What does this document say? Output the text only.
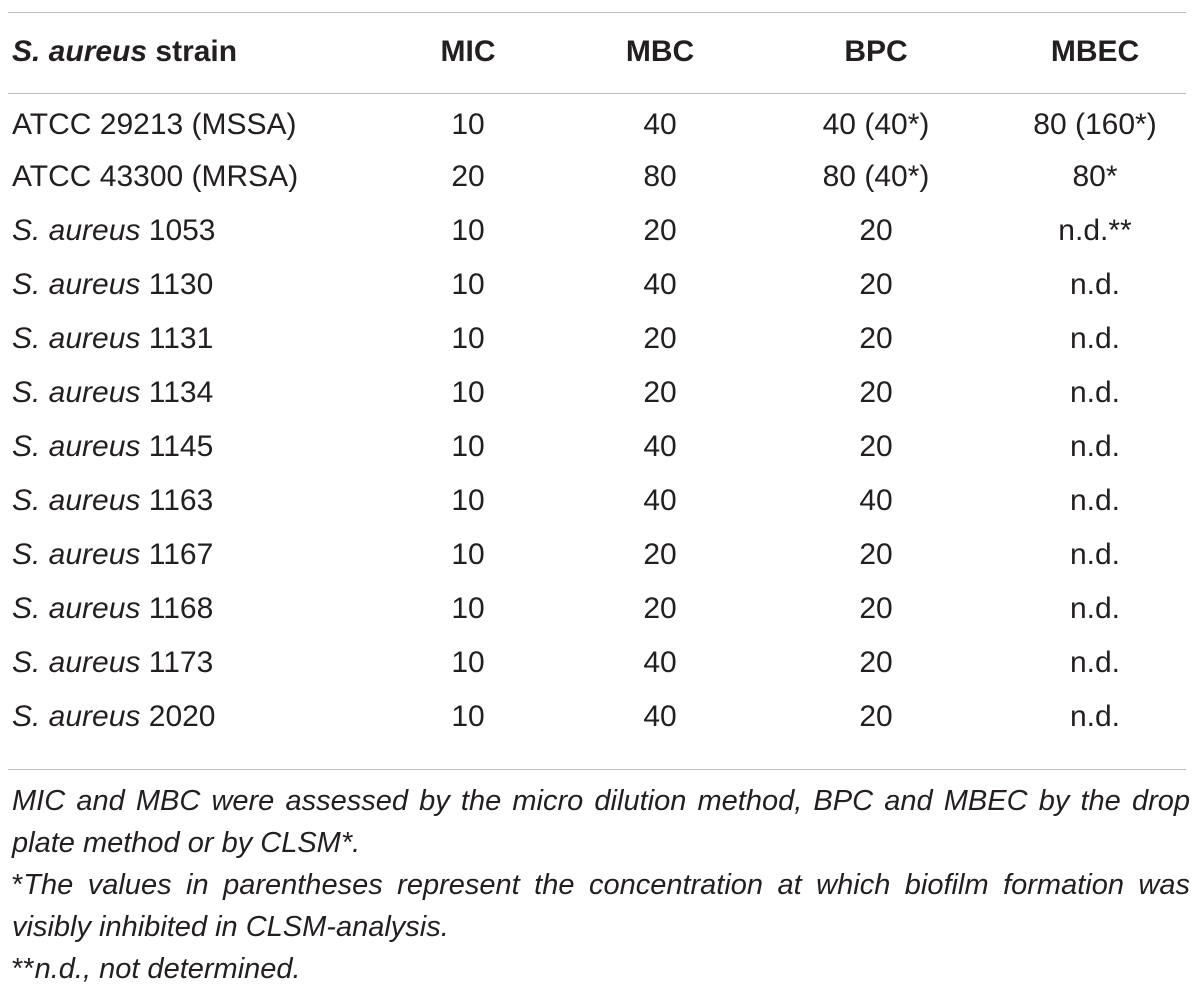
S. aureus strain	MIC	MBC	BPC	MBEC

ATCC 29213 (MSSA)	10	40	40 (40*)	80 (160*)
ATCC 43300 (MRSA)	20	80	80 (40*)	80*
S. aureus 1053	10	20	20	n.d.**
S. aureus 1130	10	40	20	n.d.
S. aureus 1131	10	20	20	n.d.
S. aureus 1134	10	20	20	n.d.
S. aureus 1145	10	40	20	n.d.
S. aureus 1163	10	40	40	n.d.
S. aureus 1167	10	20	20	n.d.
S. aureus 1168	10	20	20	n.d.
S. aureus 1173	10	40	20	n.d.
S. aureus 2020	10	40	20	n.d.

MIC and MBC were assessed by the micro dilution method, BPC and MBEC by the drop plate method or by CLSM*.

*The values in parentheses represent the concentration at which biofilm formation was visibly inhibited in CLSM-analysis.

**n.d., not determined.
